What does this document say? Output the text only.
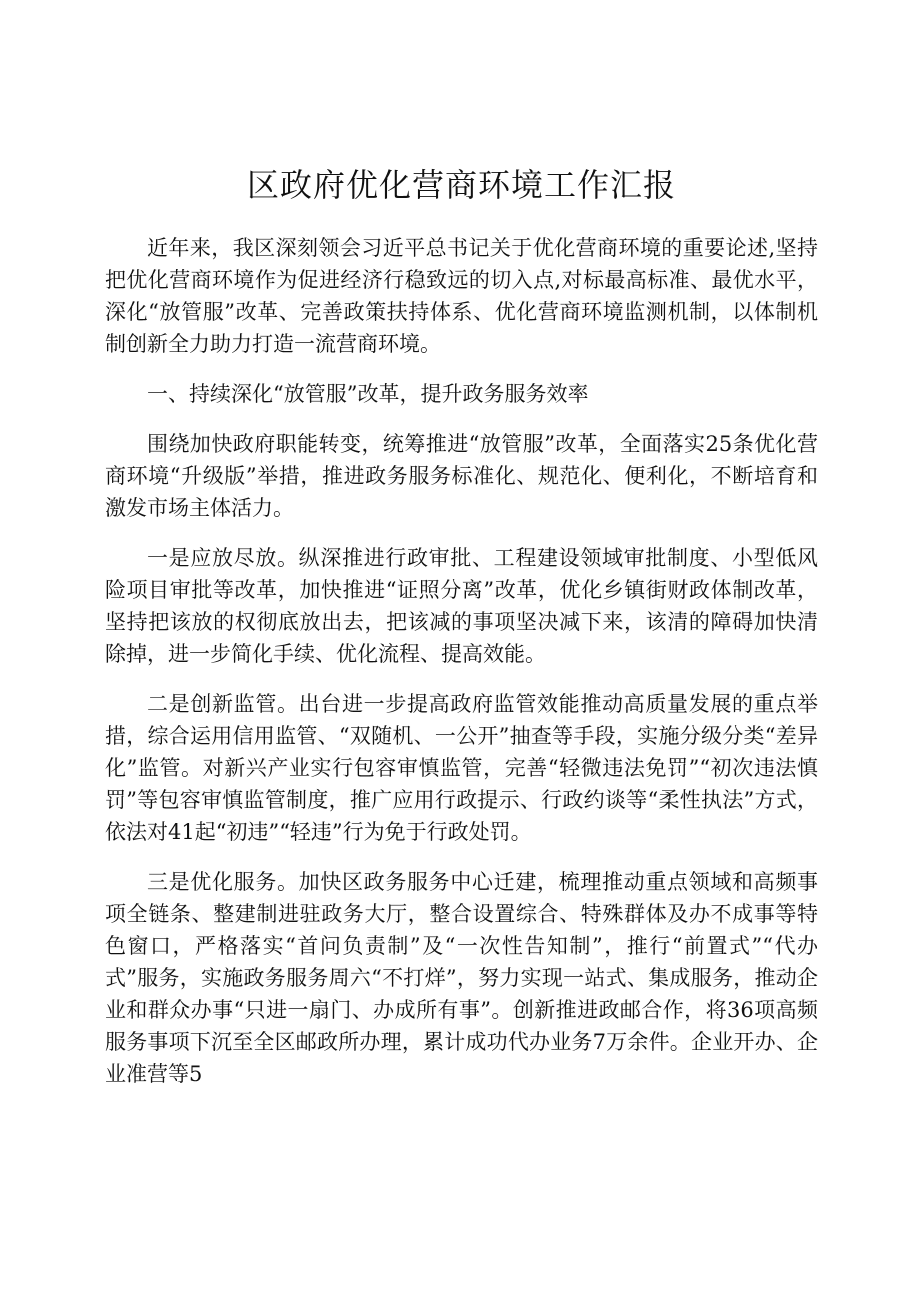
区政府优化营商环境工作汇报

近年来，我区深刻领会习近平总书记关于优化营商环境的重要论述,坚持把优化营商环境作为促进经济行稳致远的切入点,对标最高标准、最优水平，深化“放管服”改革、完善政策扶持体系、优化营商环境监测机制，以体制机制创新全力助力打造一流营商环境。

一、持续深化“放管服”改革，提升政务服务效率

围绕加快政府职能转变，统筹推进“放管服”改革，全面落实25条优化营商环境“升级版”举措，推进政务服务标准化、规范化、便利化，不断培育和激发市场主体活力。

一是应放尽放。纵深推进行政审批、工程建设领域审批制度、小型低风险项目审批等改革，加快推进“证照分离”改革，优化乡镇街财政体制改革，坚持把该放的权彻底放出去，把该减的事项坚决减下来，该清的障碍加快清除掉，进一步简化手续、优化流程、提高效能。

二是创新监管。出台进一步提高政府监管效能推动高质量发展的重点举措，综合运用信用监管、“双随机、一公开”抽查等手段，实施分级分类“差异化”监管。对新兴产业实行包容审慎监管，完善“轻微违法免罚”“初次违法慎罚”等包容审慎监管制度，推广应用行政提示、行政约谈等“柔性执法”方式，依法对41起“初违”“轻违”行为免于行政处罚。

三是优化服务。加快区政务服务中心迁建，梳理推动重点领域和高频事项全链条、整建制进驻政务大厅，整合设置综合、特殊群体及办不成事等特色窗口，严格落实“首问负责制”及“一次性告知制”，推行“前置式”“代办式”服务，实施政务服务周六“不打烊”，努力实现一站式、集成服务，推动企业和群众办事“只进一扇门、办成所有事”。创新推进政邮合作，将36项高频服务事项下沉至全区邮政所办理，累计成功代办业务7万余件。企业开办、企业准营等5
